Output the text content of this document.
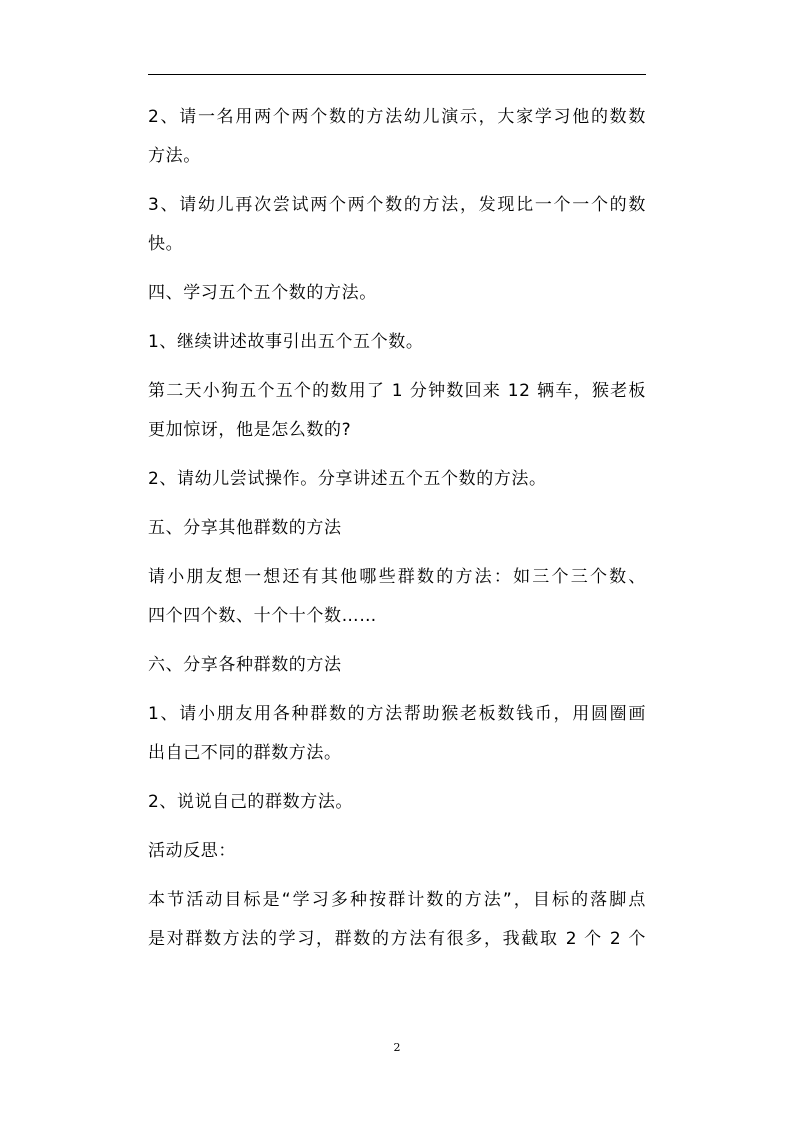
2、请一名用两个两个数的方法幼儿演示，大家学习他的数数
方法。
3、请幼儿再次尝试两个两个数的方法，发现比一个一个的数
快。
四、学习五个五个数的方法。
1、继续讲述故事引出五个五个数。
第二天小狗五个五个的数用了 1 分钟数回来 12 辆车，猴老板
更加惊讶，他是怎么数的?
2、请幼儿尝试操作。分享讲述五个五个数的方法。
五、分享其他群数的方法
请小朋友想一想还有其他哪些群数的方法：如三个三个数、
四个四个数、十个十个数……
六、分享各种群数的方法
1、请小朋友用各种群数的方法帮助猴老板数钱币，用圆圈画
出自己不同的群数方法。
2、说说自己的群数方法。
活动反思：
本节活动目标是“学习多种按群计数的方法”，目标的落脚点
是对群数方法的学习，群数的方法有很多，我截取 2 个 2 个
2
